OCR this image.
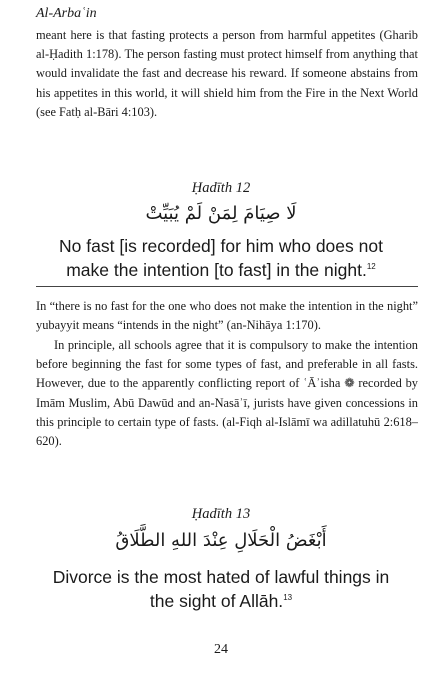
Al-Arbaʿin

meant here is that fasting protects a person from harmful appetites (Gharib al-Ḥadith 1:178). The person fasting must protect himself from anything that would invalidate the fast and decrease his reward. If someone abstains from his appetites in this world, it will shield him from the Fire in the Next World (see Fatḥ al-Bāri 4:103).

Ḥadīth 12
لَا صِيَامَ لِمَنْ لَمْ يُبَيِّتْ

No fast [is recorded] for him who does not make the intention [to fast] in the night.$^{12}$

In “there is no fast for the one who does not make the intention in the night” yubayyit means “intends in the night” (an-Nihāya 1:170).

In principle, all schools agree that it is compulsory to make the intention before beginning the fast for some types of fast, and preferable in all fasts. However, due to the apparently conflicting report of ʿĀʾisha ❁ recorded by Imām Muslim, Abū Dawūd and an-Nasāʾī, jurists have given concessions in this principle to certain type of fasts. (al-Fiqh al-Islāmī wa adillatuhū 2:618–620).

Ḥadīth 13
أَبْغَضُ الْحَلَالِ عِنْدَ اللهِ الطَّلَاقُ

Divorce is the most hated of lawful things in the sight of Allāh.$^{13}$

24
